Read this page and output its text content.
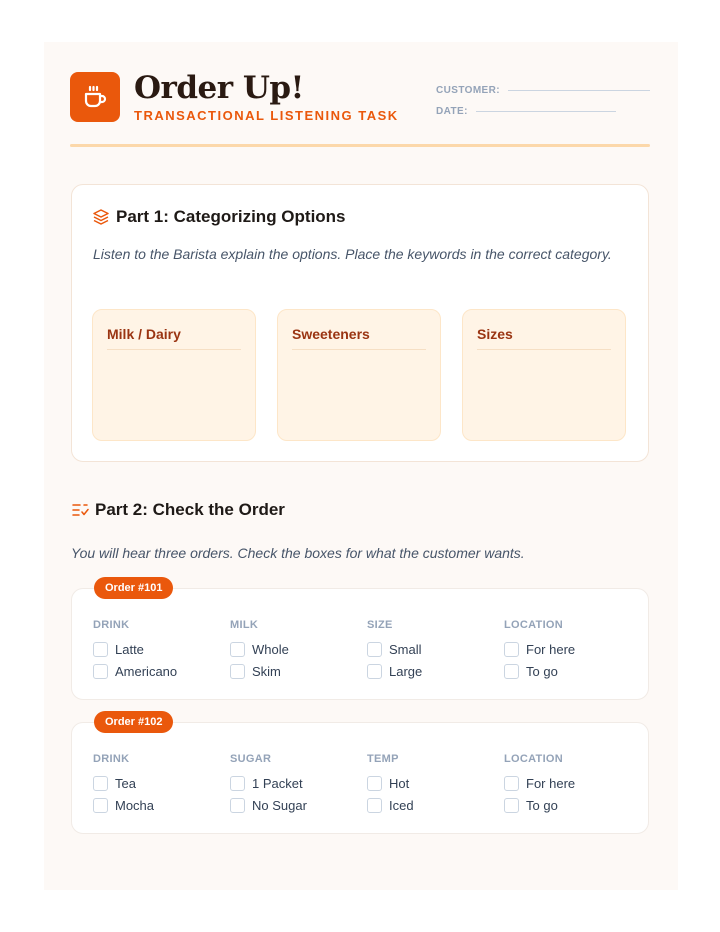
Order Up!
TRANSACTIONAL LISTENING TASK
CUSTOMER:
DATE:
Part 1: Categorizing Options
Listen to the Barista explain the options. Place the keywords in the correct category.
Milk / Dairy	Sweeteners	Sizes
Part 2: Check the Order
You will hear three orders. Check the boxes for what the customer wants.
Order #101
DRINK
Latte
Americano
MILK
Whole
Skim
SIZE
Small
Large
LOCATION
For here
To go
Order #102
DRINK
Tea
Mocha
SUGAR
1 Packet
No Sugar
TEMP
Hot
Iced
LOCATION
For here
To go
